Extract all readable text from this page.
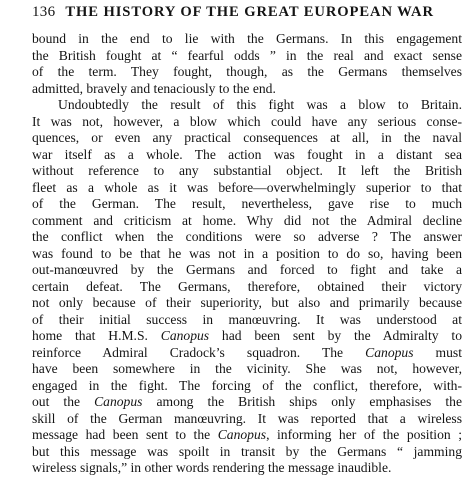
136 THE HISTORY OF THE GREAT EUROPEAN WAR
bound in the end to lie with the Germans. In this engagement
the British fought at “ fearful odds ” in the real and exact sense
of the term. They fought, though, as the Germans themselves
admitted, bravely and tenaciously to the end.
Undoubtedly the result of this fight was a blow to Britain.
It was not, however, a blow which could have any serious conse-
quences, or even any practical consequences at all, in the naval
war itself as a whole. The action was fought in a distant sea
without reference to any substantial object. It left the British
fleet as a whole as it was before—overwhelmingly superior to that
of the German. The result, nevertheless, gave rise to much
comment and criticism at home. Why did not the Admiral decline
the conflict when the conditions were so adverse ? The answer
was found to be that he was not in a position to do so, having been
out-manœuvred by the Germans and forced to fight and take a
certain defeat. The Germans, therefore, obtained their victory
not only because of their superiority, but also and primarily because
of their initial success in manœuvring. It was understood at
home that H.M.S. Canopus had been sent by the Admiralty to
reinforce Admiral Cradock’s squadron. The Canopus must
have been somewhere in the vicinity. She was not, however,
engaged in the fight. The forcing of the conflict, therefore, with-
out the Canopus among the British ships only emphasises the
skill of the German manœuvring. It was reported that a wireless
message had been sent to the Canopus, informing her of the position ;
but this message was spoilt in transit by the Germans “ jamming
wireless signals,” in other words rendering the message inaudible.
